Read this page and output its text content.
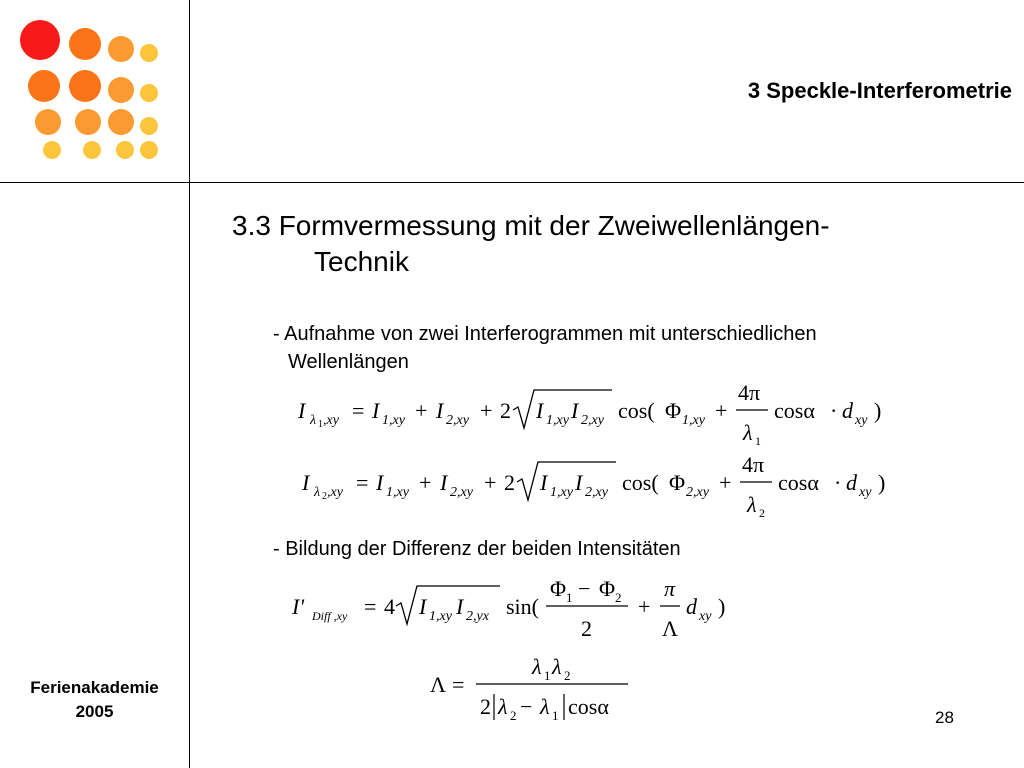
3 Speckle-Interferometrie
3.3 Formvermessung mit der Zweiwellenlängen-
Technik
- Aufnahme von zwei Interferogrammen mit unterschiedlichen
Wellenlängen
I λ 1 ,xy = I 1,xy + I 2,xy + 2 I 1,xy I 2,xy cos( Φ 1,xy +
4π
λ 1
cosα · d xy )
I λ 2 ,xy = I 1,xy + I 2,xy + 2 I 1,xy I 2,xy cos( Φ 2,xy +
4π
λ 2
cosα · d xy )
- Bildung der Differenz der beiden Intensitäten
I' Diff ,xy = 4 I 1,xy I 2,yx sin(
Φ 1 − Φ 2
2
+
π
Λ
d xy )
Λ =
λ 1 λ 2
2 λ 2 − λ 1 cosα
Ferienakademie
2005	28
